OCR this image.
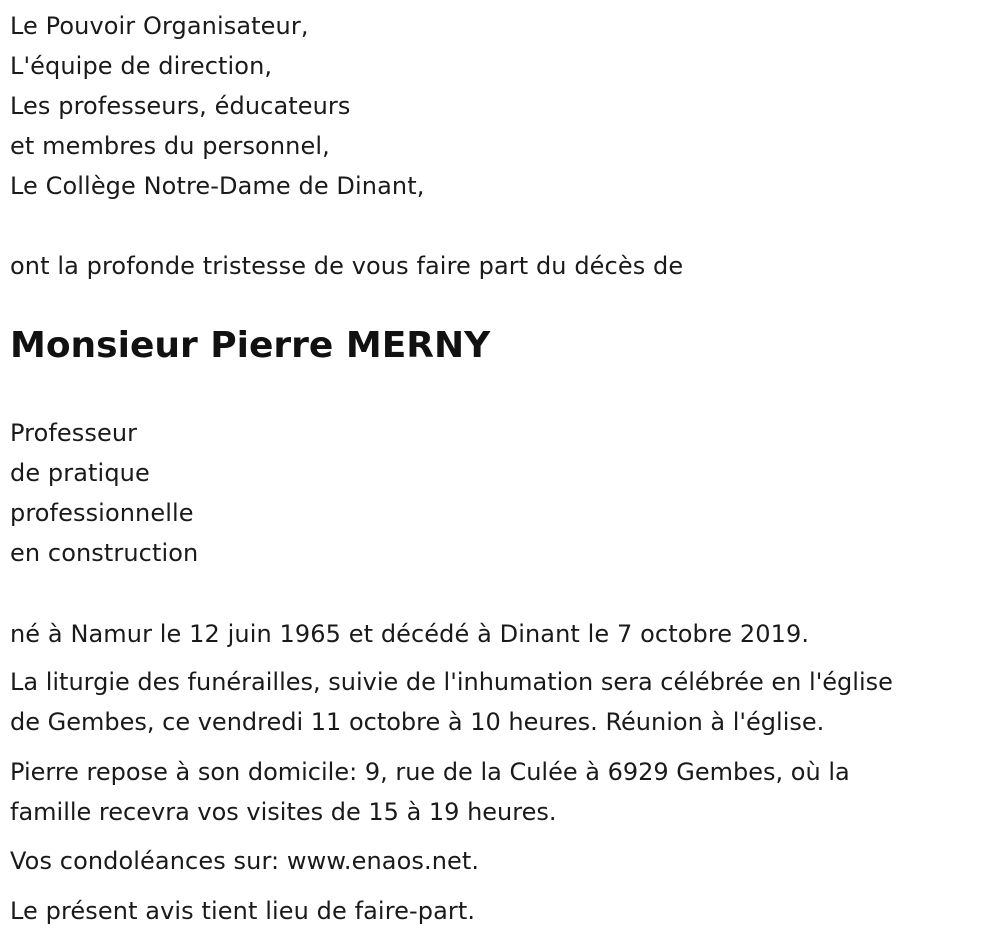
Le Pouvoir Organisateur,
L'équipe de direction,
Les professeurs, éducateurs
et membres du personnel,
Le Collège Notre-Dame de Dinant,
ont la profonde tristesse de vous faire part du décès de
Monsieur Pierre MERNY
Professeur
de pratique
professionnelle
en construction
né à Namur le 12 juin 1965 et décédé à Dinant le 7 octobre 2019.
La liturgie des funérailles, suivie de l'inhumation sera célébrée en l'église
de Gembes, ce vendredi 11 octobre à 10 heures. Réunion à l'église.
Pierre repose à son domicile: 9, rue de la Culée à 6929 Gembes, où la
famille recevra vos visites de 15 à 19 heures.
Vos condoléances sur: www.enaos.net.
Le présent avis tient lieu de faire-part.
